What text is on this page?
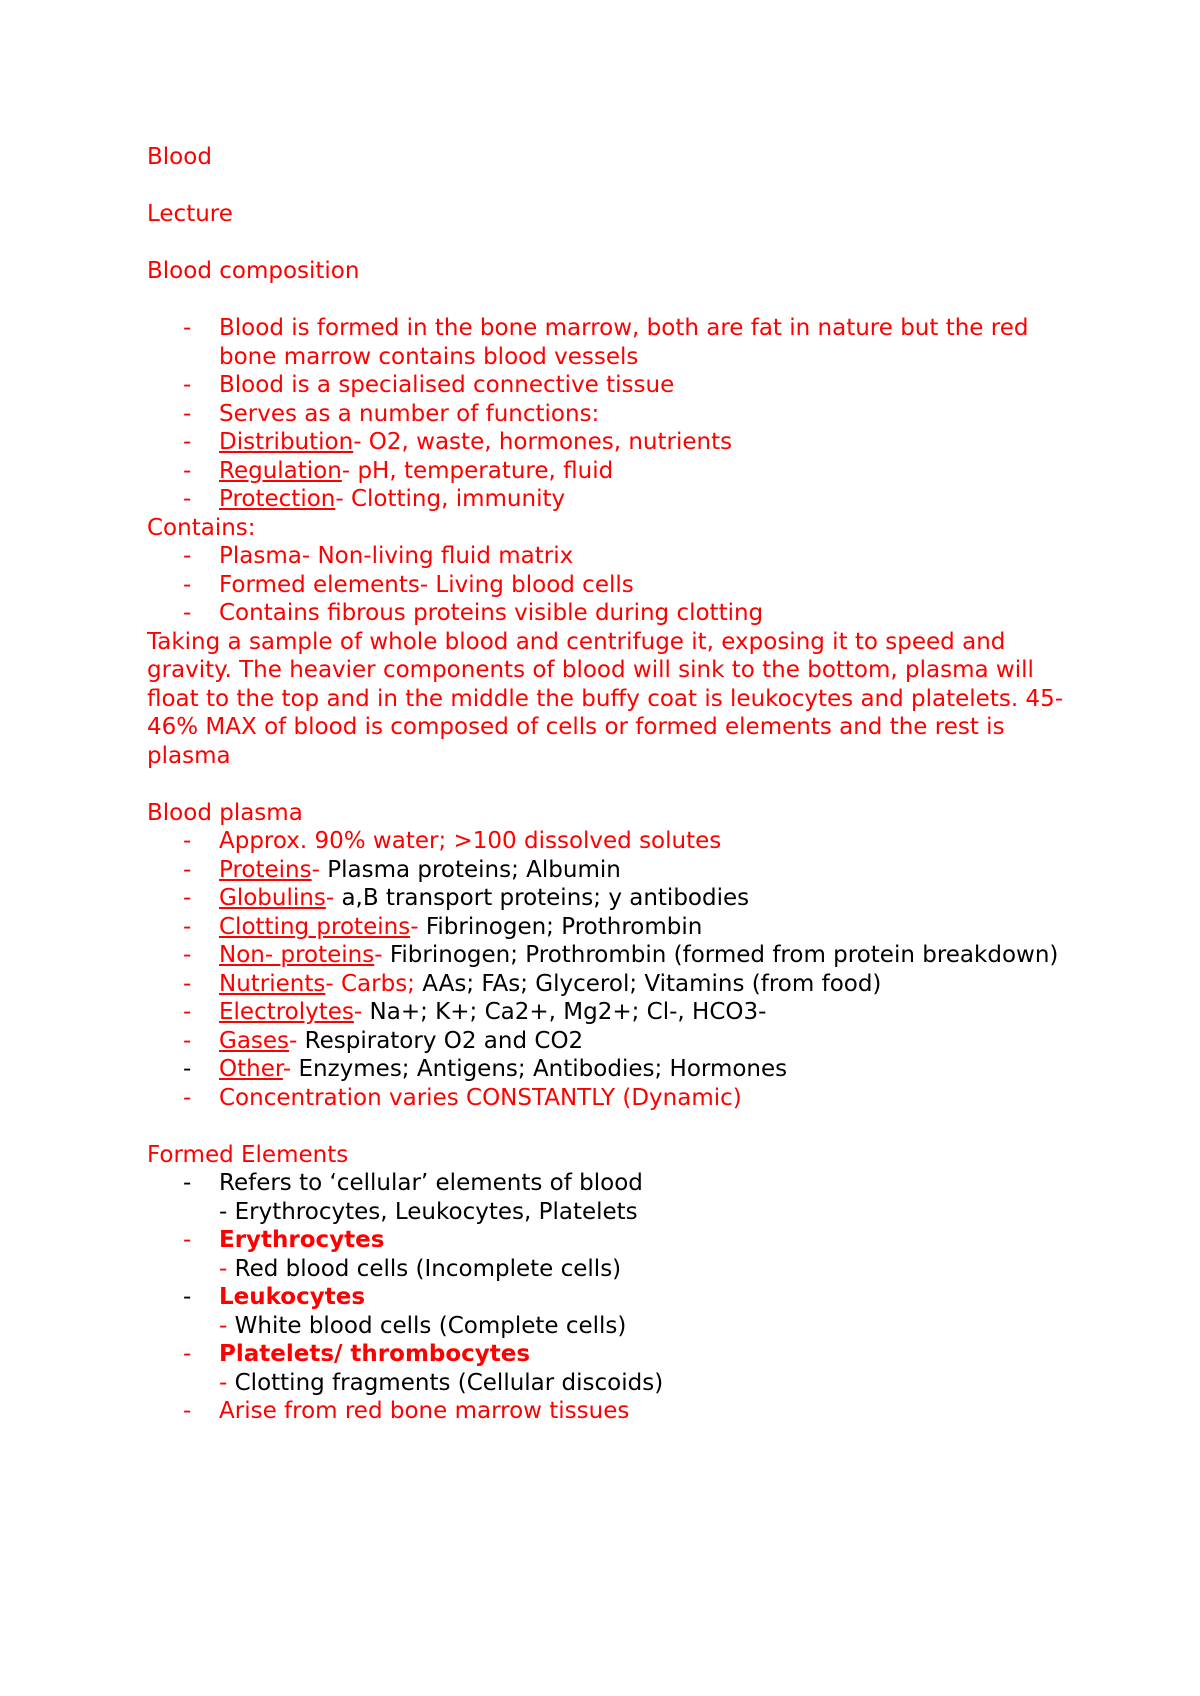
Blood
Lecture
Blood composition
- Blood is formed in the bone marrow, both are fat in nature but the red bone marrow contains blood vessels
- Blood is a specialised connective tissue
- Serves as a number of functions:
- Distribution- O2, waste, hormones, nutrients
- Regulation- pH, temperature, fluid
- Protection- Clotting, immunity
Contains:
- Plasma- Non-living fluid matrix
- Formed elements- Living blood cells
- Contains fibrous proteins visible during clotting
Taking a sample of whole blood and centrifuge it, exposing it to speed and gravity. The heavier components of blood will sink to the bottom, plasma will float to the top and in the middle the buffy coat is leukocytes and platelets. 45-46% MAX of blood is composed of cells or formed elements and the rest is plasma
Blood plasma
- Approx. 90% water; >100 dissolved solutes
- Proteins- Plasma proteins; Albumin
- Globulins- a,B transport proteins; y antibodies
- Clotting proteins- Fibrinogen; Prothrombin
- Non- proteins- Fibrinogen; Prothrombin (formed from protein breakdown)
- Nutrients- Carbs; AAs; FAs; Glycerol; Vitamins (from food)
- Electrolytes- Na+; K+; Ca2+, Mg2+; Cl-, HCO3-
- Gases- Respiratory O2 and CO2
- Other- Enzymes; Antigens; Antibodies; Hormones
- Concentration varies CONSTANTLY (Dynamic)
Formed Elements
- Refers to ‘cellular’ elements of blood
- Erythrocytes, Leukocytes, Platelets
- Erythrocytes
- Red blood cells (Incomplete cells)
- Leukocytes
- White blood cells (Complete cells)
- Platelets/ thrombocytes
- Clotting fragments (Cellular discoids)
- Arise from red bone marrow tissues
